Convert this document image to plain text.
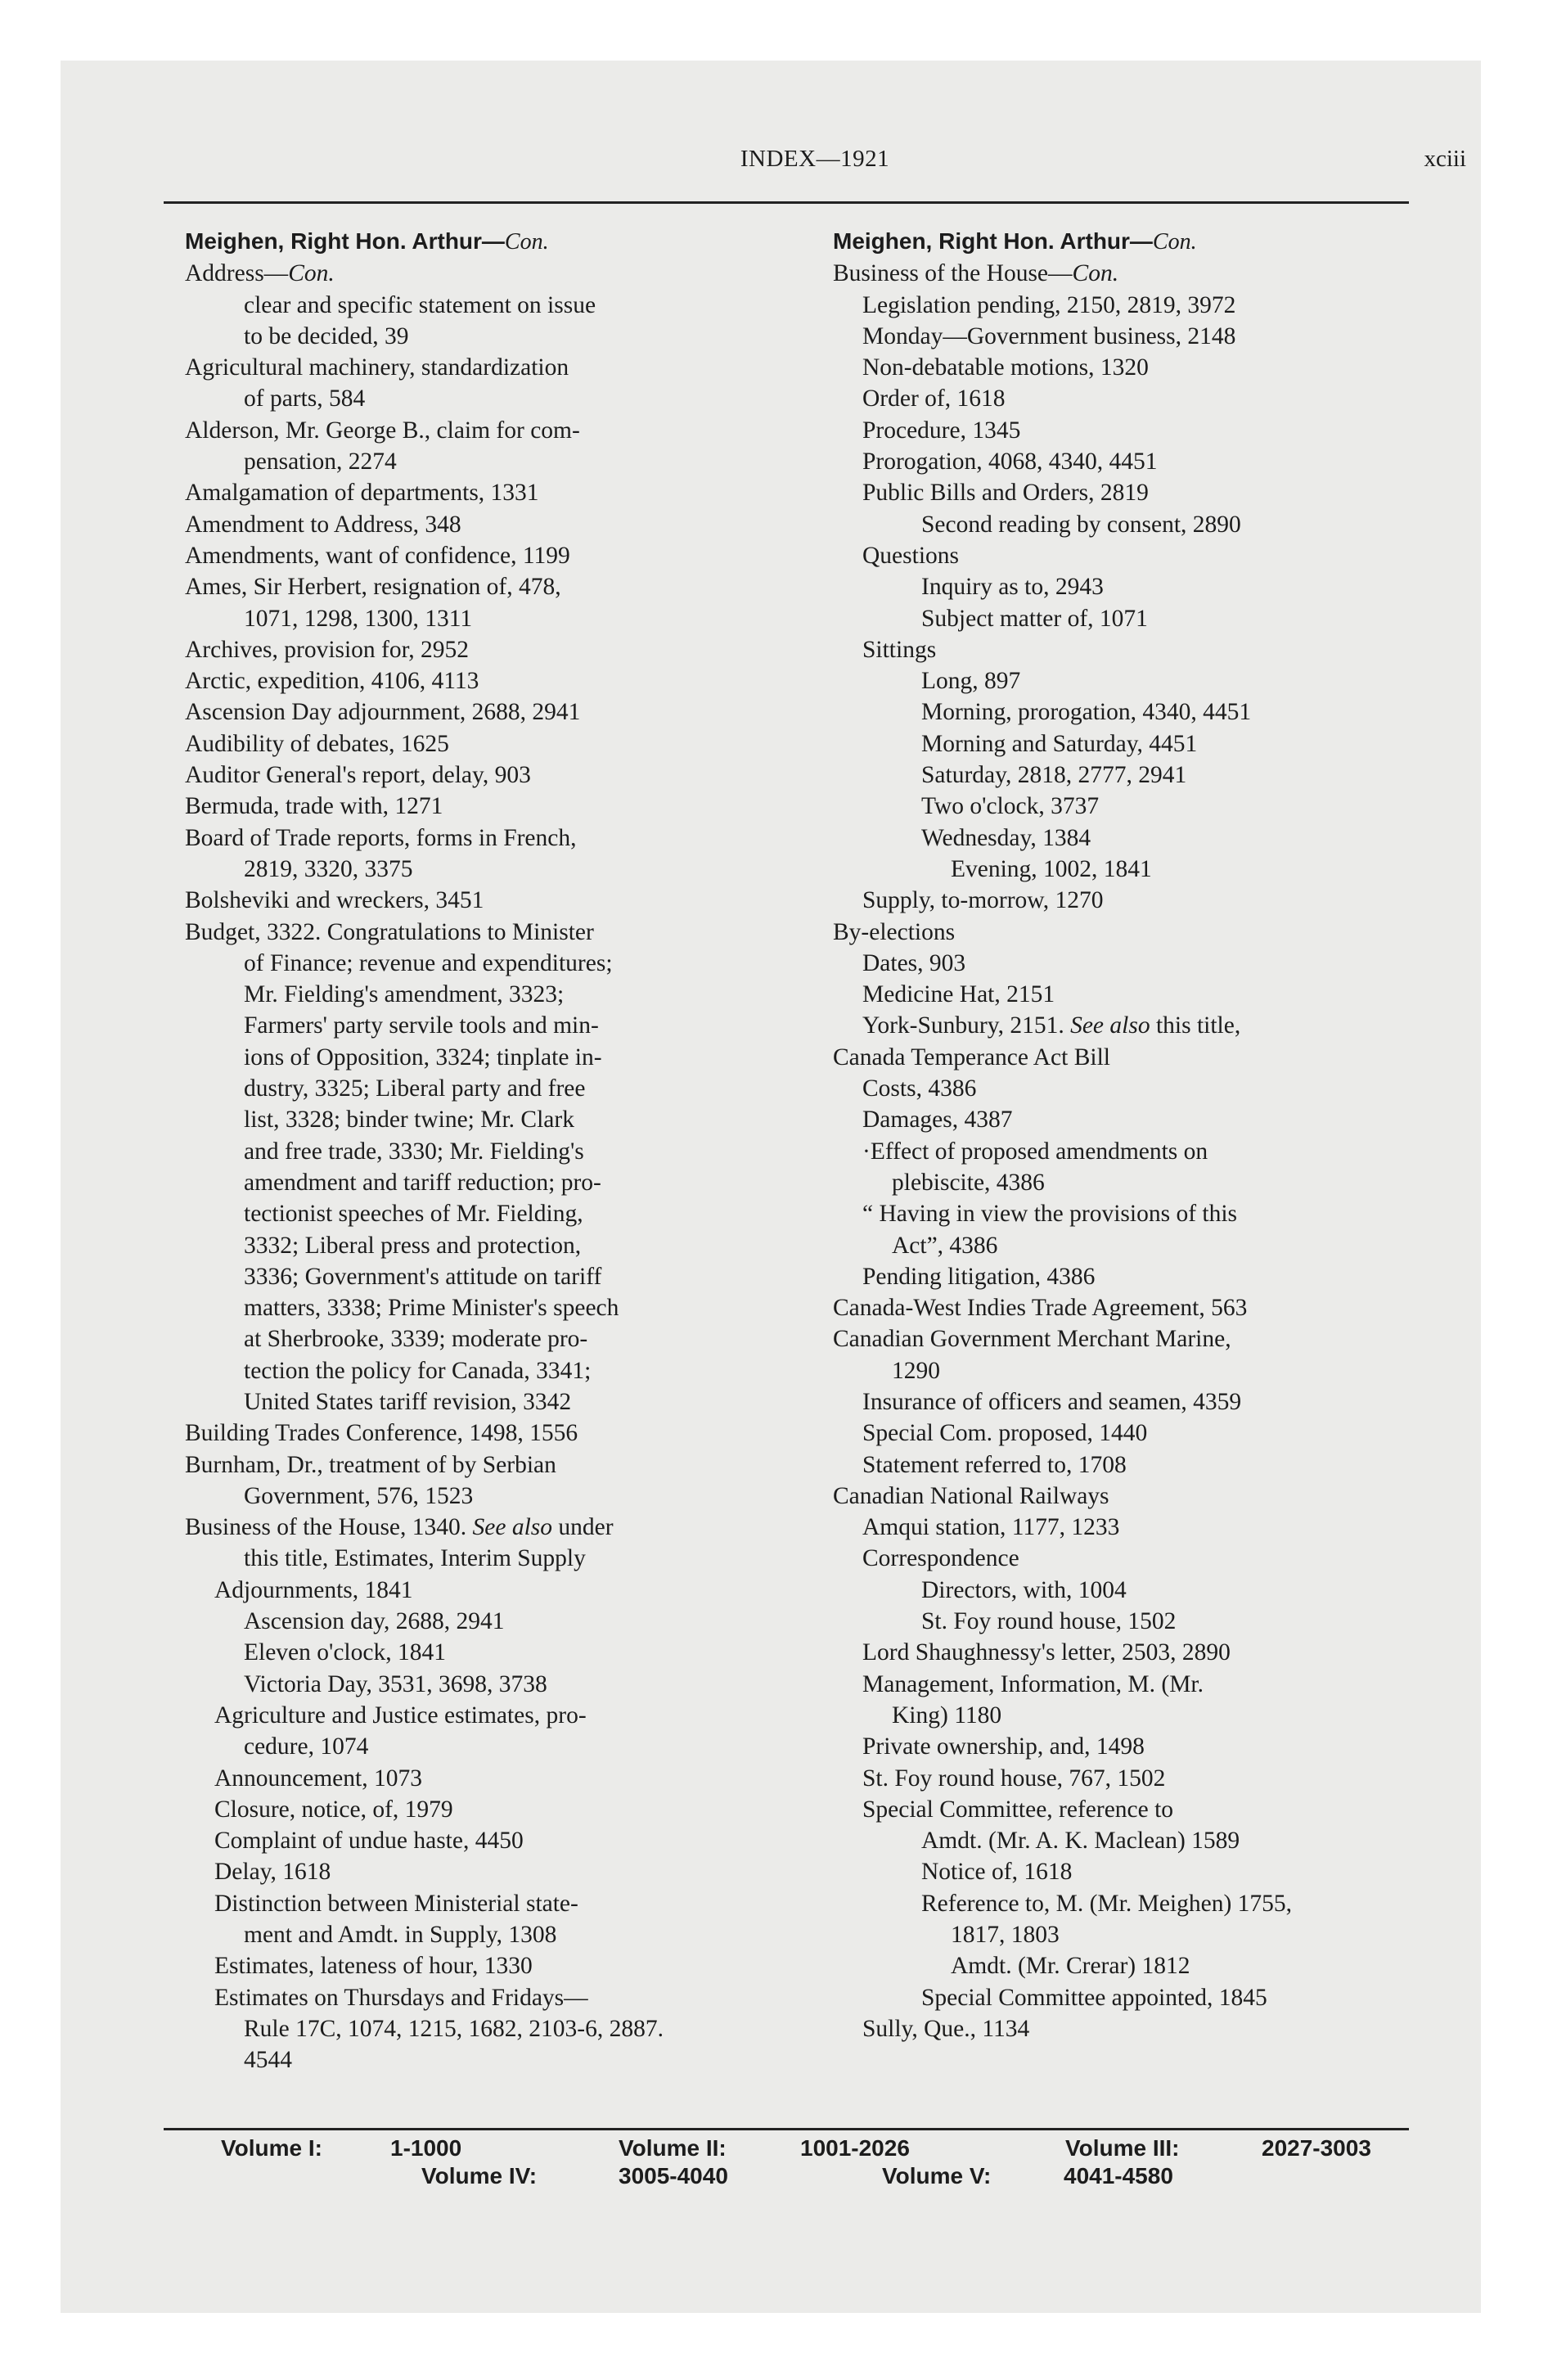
INDEX—1921	xciii
Meighen, Right Hon. Arthur—Con.
Address—Con.
clear and specific statement on issue
to be decided, 39
Agricultural machinery, standardization
of parts, 584
Alderson, Mr. George B., claim for com-
pensation, 2274
Amalgamation of departments, 1331
Amendment to Address, 348
Amendments, want of confidence, 1199
Ames, Sir Herbert, resignation of, 478,
1071, 1298, 1300, 1311
Archives, provision for, 2952
Arctic, expedition, 4106, 4113
Ascension Day adjournment, 2688, 2941
Audibility of debates, 1625
Auditor General's report, delay, 903
Bermuda, trade with, 1271
Board of Trade reports, forms in French,
2819, 3320, 3375
Bolsheviki and wreckers, 3451
Budget, 3322. Congratulations to Minister
of Finance; revenue and expenditures;
Mr. Fielding's amendment, 3323;
Farmers' party servile tools and min-
ions of Opposition, 3324; tinplate in-
dustry, 3325; Liberal party and free
list, 3328; binder twine; Mr. Clark
and free trade, 3330; Mr. Fielding's
amendment and tariff reduction; pro-
tectionist speeches of Mr. Fielding,
3332; Liberal press and protection,
3336; Government's attitude on tariff
matters, 3338; Prime Minister's speech
at Sherbrooke, 3339; moderate pro-
tection the policy for Canada, 3341;
United States tariff revision, 3342
Building Trades Conference, 1498, 1556
Burnham, Dr., treatment of by Serbian
Government, 576, 1523
Business of the House, 1340. See also under
this title, Estimates, Interim Supply
Adjournments, 1841
Ascension day, 2688, 2941
Eleven o'clock, 1841
Victoria Day, 3531, 3698, 3738
Agriculture and Justice estimates, pro-
cedure, 1074
Announcement, 1073
Closure, notice, of, 1979
Complaint of undue haste, 4450
Delay, 1618
Distinction between Ministerial state-
ment and Amdt. in Supply, 1308
Estimates, lateness of hour, 1330
Estimates on Thursdays and Fridays—
Rule 17C, 1074, 1215, 1682, 2103-6, 2887.
4544
Meighen, Right Hon. Arthur—Con.
Business of the House—Con.
Legislation pending, 2150, 2819, 3972
Monday—Government business, 2148
Non-debatable motions, 1320
Order of, 1618
Procedure, 1345
Prorogation, 4068, 4340, 4451
Public Bills and Orders, 2819
Second reading by consent, 2890
Questions
Inquiry as to, 2943
Subject matter of, 1071
Sittings
Long, 897
Morning, prorogation, 4340, 4451
Morning and Saturday, 4451
Saturday, 2818, 2777, 2941
Two o'clock, 3737
Wednesday, 1384
Evening, 1002, 1841
Supply, to-morrow, 1270
By-elections
Dates, 903
Medicine Hat, 2151
York-Sunbury, 2151. See also this title,
Canada Temperance Act Bill
Costs, 4386
Damages, 4387
·Effect of proposed amendments on
plebiscite, 4386
“ Having in view the provisions of this
Act”, 4386
Pending litigation, 4386
Canada-West Indies Trade Agreement, 563
Canadian Government Merchant Marine,
1290
Insurance of officers and seamen, 4359
Special Com. proposed, 1440
Statement referred to, 1708
Canadian National Railways
Amqui station, 1177, 1233
Correspondence
Directors, with, 1004
St. Foy round house, 1502
Lord Shaughnessy's letter, 2503, 2890
Management, Information, M. (Mr.
King) 1180
Private ownership, and, 1498
St. Foy round house, 767, 1502
Special Committee, reference to
Amdt. (Mr. A. K. Maclean) 1589
Notice of, 1618
Reference to, M. (Mr. Meighen) 1755,
1817, 1803
Amdt. (Mr. Crerar) 1812
Special Committee appointed, 1845
Sully, Que., 1134
Volume I:	1-1000	Volume II:	1001-2026	Volume III:	2027-3003
Volume IV:	3005-4040	Volume V:	4041-4580
